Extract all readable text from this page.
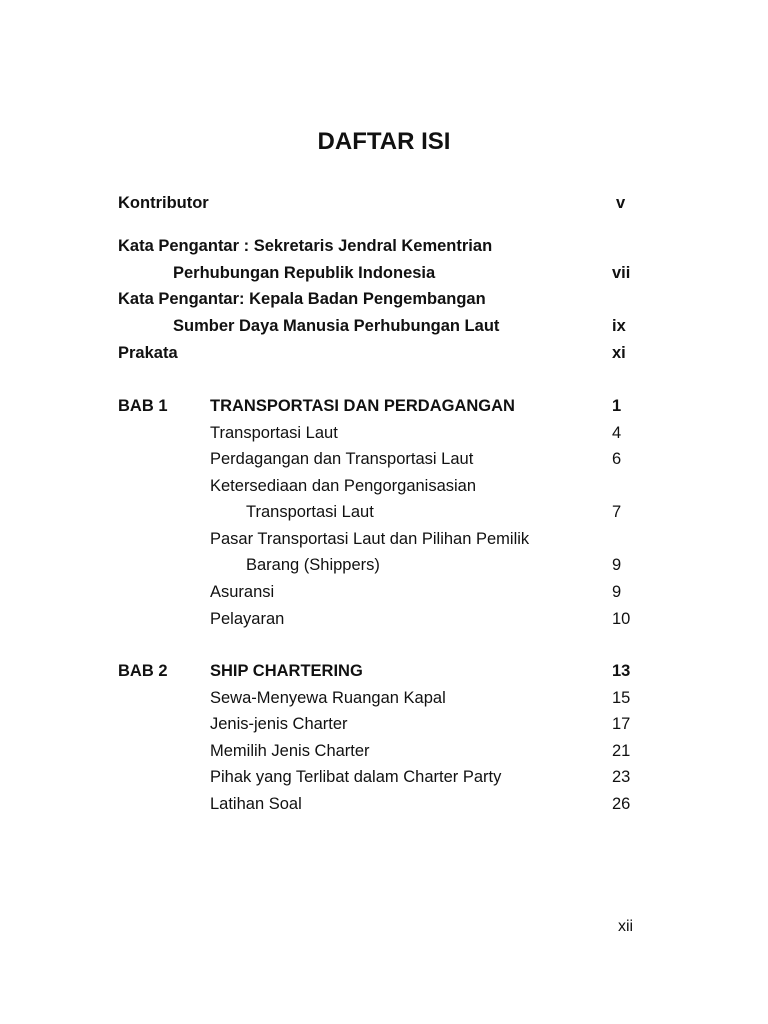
DAFTAR ISI
Kontributor	v
Kata Pengantar : Sekretaris Jendral Kementrian
Perhubungan Republik Indonesia	vii
Kata Pengantar: Kepala Badan Pengembangan
Sumber Daya Manusia Perhubungan Laut	ix
Prakata	xi
BAB 1	TRANSPORTASI DAN PERDAGANGAN	1
Transportasi Laut	4
Perdagangan dan Transportasi Laut	6
Ketersediaan dan Pengorganisasian
Transportasi Laut	7
Pasar Transportasi Laut dan Pilihan Pemilik
Barang (Shippers)	9
Asuransi	9
Pelayaran	10
BAB 2	SHIP CHARTERING	13
Sewa-Menyewa Ruangan Kapal	15
Jenis-jenis Charter	17
Memilih Jenis Charter	21
Pihak yang Terlibat dalam Charter Party	23
Latihan Soal	26
xii
